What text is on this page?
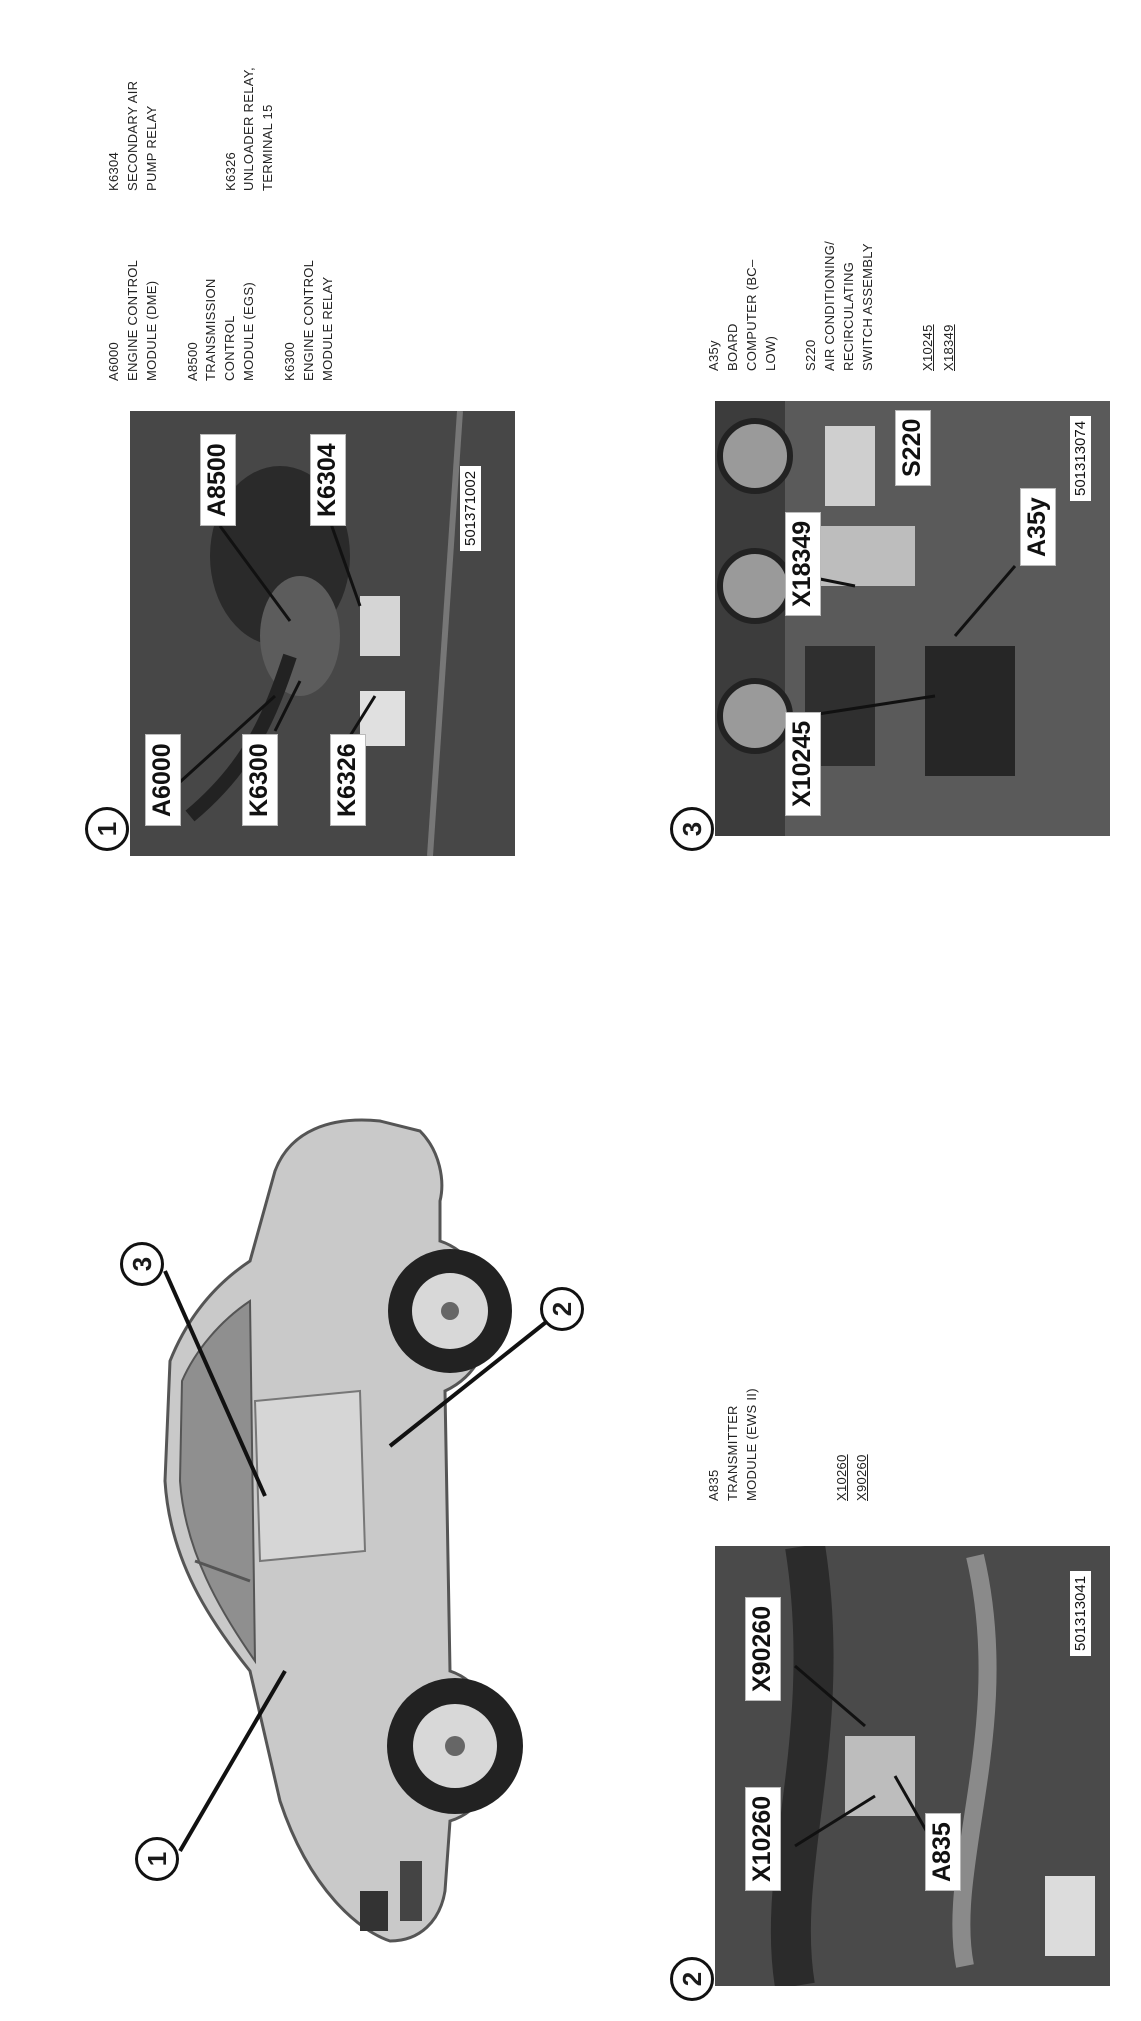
1
2
3
1
A6000	K6300 K6326
A8500	K6304	501371002
A6000 ENGINE CONTROL MODULE (DME) A8500 TRANSMISSION CONTROL MODULE (EGS) K6300 ENGINE CONTROL MODULE RELAY
K6304 SECONDARY AIR PUMP RELAY	K6326 UNLOADER RELAY, TERMINAL 15
2
X10260
X90260
A835
501313041
A835 TRANSMITTER MODULE (EWS II)	X10260 X90260
3
X10245
X18349
S220
A35y
501313074
A35y BOARD COMPUTER (BC– LOW) S220 AIR CONDITIONING/ RECIRCULATING SWITCH ASSEMBLY	X10245 X18349
